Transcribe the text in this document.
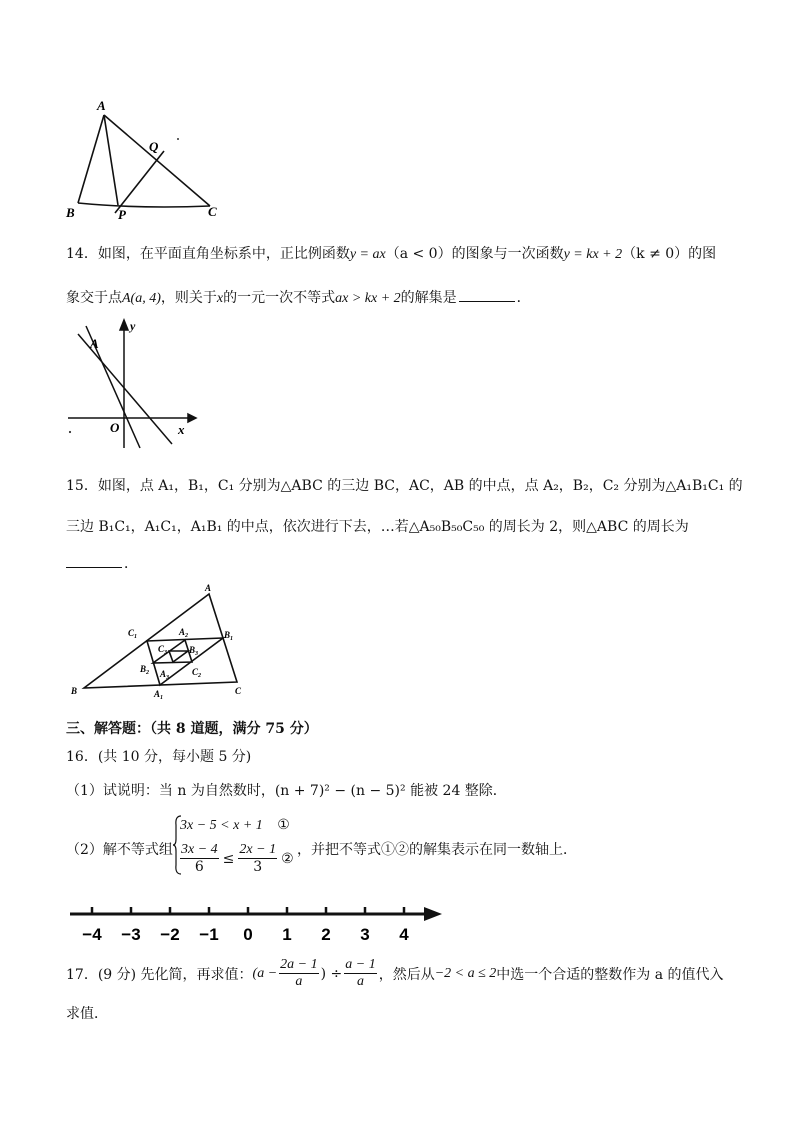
A
Q
B	P	C
14．如图，在平面直角坐标系中，正比例函数y = ax（a < 0）的图象与一次函数y = kx + 2（k ≠ 0）的图
象交于点A(a, 4)，则关于x的一元一次不等式ax > kx + 2的解集是	．
y
A
O	x
15．如图，点 A₁，B₁，C₁ 分别为△ABC 的三边 BC，AC，AB 的中点，点 A₂，B₂，C₂ 分别为△A₁B₁C₁ 的
三边 B₁C₁，A₁C₁，A₁B₁ 的中点，依次进行下去，…若△A₅₀B₅₀C₅₀ 的周长为 2，则△ABC 的周长为
．
A
B	C
$A_1$
$B_1$
$C_1$	$A_2$
$B_2$	$C_2$
$A_3$
$B_3$
$C_3$
三、解答题：（共 8 道题，满分 75 分）
16．(共 10 分，每小题 5 分)
（1）试说明：当 n 为自然数时，(n + 7)² − (n − 5)² 能被 24 整除．
（2）解不等式组
3x − 5 < x + 1 ①
$\frac{3x - 4}{6} \le \frac{2x - 1}{3}$ ②
，并把不等式①②的解集表示在同一数轴上．
−4 −3 −2 −1 0 1 2 3 4
17．(9 分) 先化简，再求值： ($a - \frac{2a - 1}{a}$ ) ÷ $\frac{a - 1}{a}$ ，然后从 −2 < a ≤ 2 中选一个合适的整数作为 a 的值代入
求值．
